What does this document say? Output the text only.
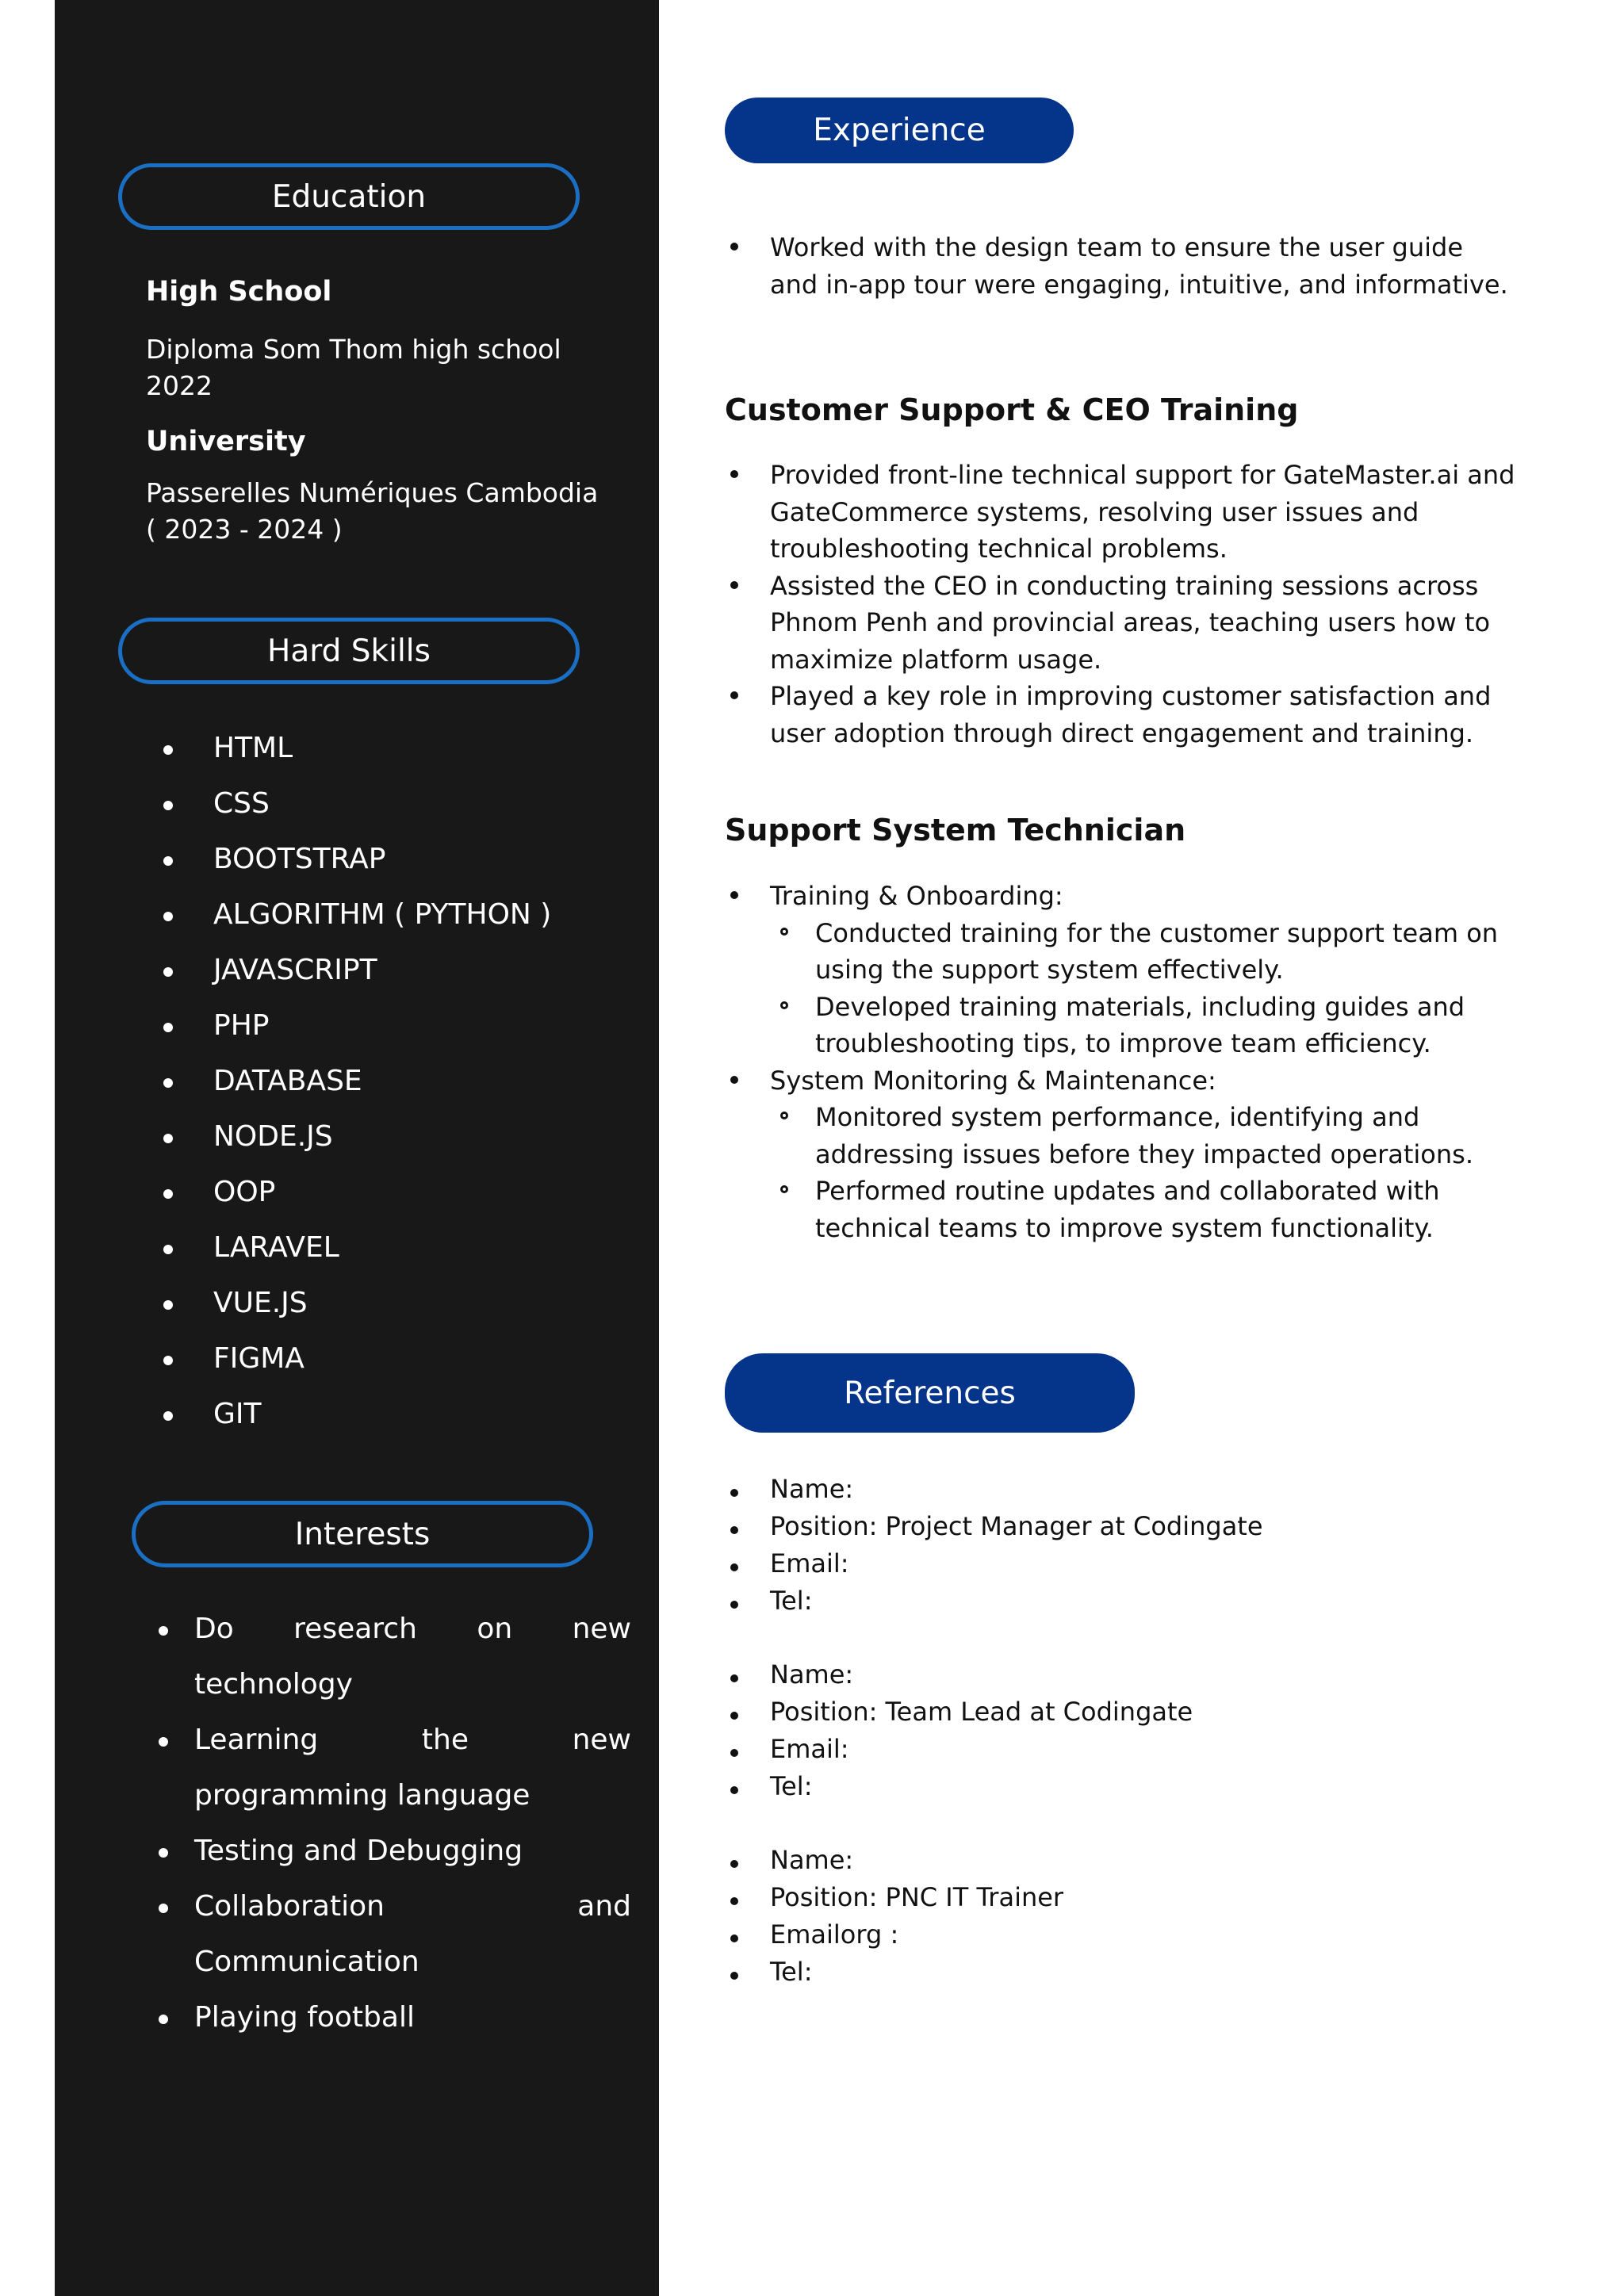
Education
High School
Diploma Som Thom high school
2022
University
Passerelles Numériques Cambodia
( 2023 - 2024 )
Hard Skills
HTML
CSS
BOOTSTRAP
ALGORITHM ( PYTHON )
JAVASCRIPT
PHP
DATABASE
NODE.JS
OOP
LARAVEL
VUE.JS
FIGMA
GIT
Interests
Do research on new technology
Learning the new programming language
Testing and Debugging
Collaboration and Communication
Playing football
Experience
Worked with the design team to ensure the user guide and in-app tour were engaging, intuitive, and informative.
Customer Support & CEO Training
Provided front-line technical support for GateMaster.ai and GateCommerce systems, resolving user issues and troubleshooting technical problems.
Assisted the CEO in conducting training sessions across Phnom Penh and provincial areas, teaching users how to maximize platform usage.
Played a key role in improving customer satisfaction and user adoption through direct engagement and training.
Support System Technician
Training & Onboarding:
Conducted training for the customer support team on using the support system effectively.
Developed training materials, including guides and troubleshooting tips, to improve team efficiency.
System Monitoring & Maintenance:
Monitored system performance, identifying and addressing issues before they impacted operations.
Performed routine updates and collaborated with technical teams to improve system functionality.
References
Name:
Position: Project Manager at Codingate
Email:
Tel:
Name:
Position: Team Lead at Codingate
Email:
Tel:
Name:
Position: PNC IT Trainer
Emailorg :
Tel:
